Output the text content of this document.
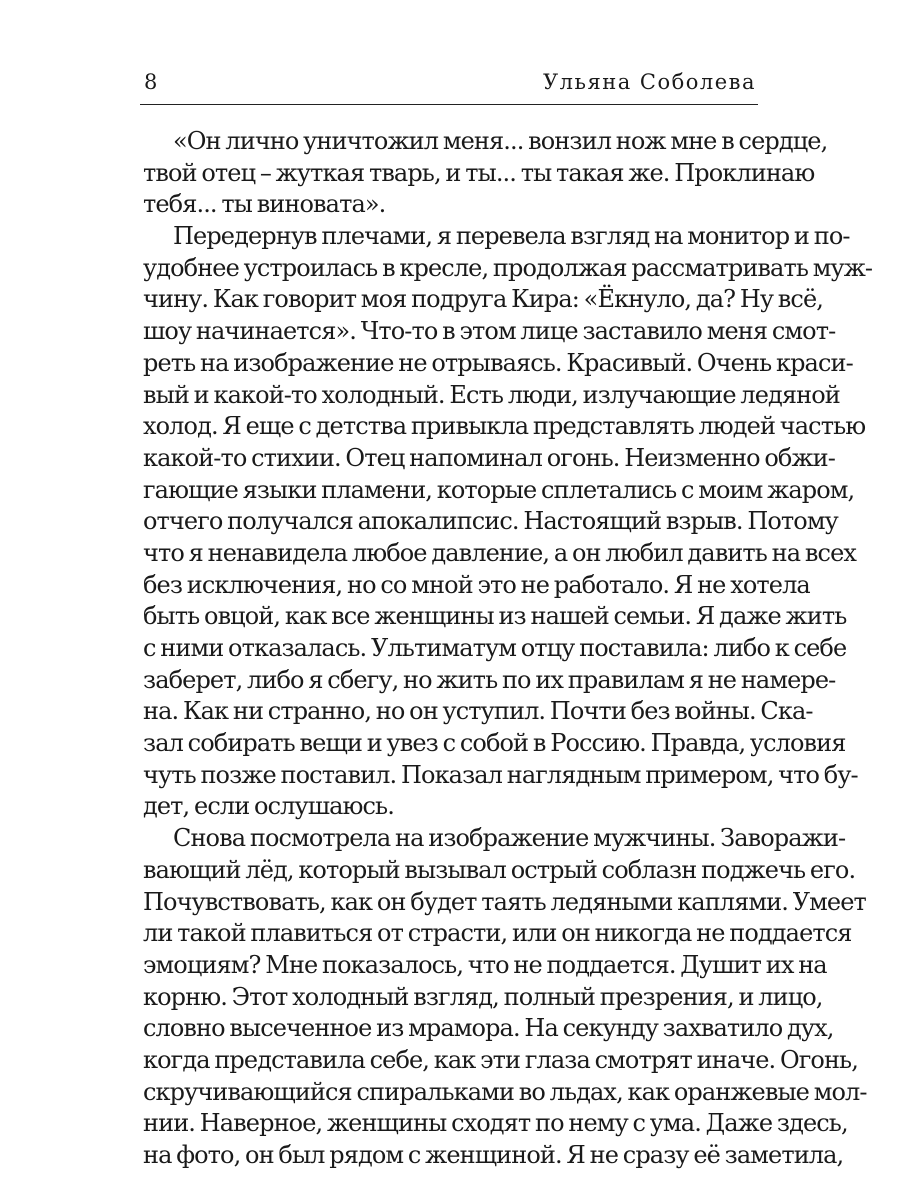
8	Ульяна Соболева
«Он лично уничтожил меня... вонзил нож мне в сердце,
твой отец – жуткая тварь, и ты... ты такая же. Проклинаю
тебя... ты виновата».
Передернув плечами, я перевела взгляд на монитор и по-
удобнее устроилась в кресле, продолжая рассматривать муж-
чину. Как говорит моя подруга Кира: «Ёкнуло, да? Ну всё,
шоу начинается». Что-то в этом лице заставило меня смот-
реть на изображение не отрываясь. Красивый. Очень краси-
вый и какой-то холодный. Есть люди, излучающие ледяной
холод. Я еще с детства привыкла представлять людей частью
какой-то стихии. Отец напоминал огонь. Неизменно обжи-
гающие языки пламени, которые сплетались с моим жаром,
отчего получался апокалипсис. Настоящий взрыв. Потому
что я ненавидела любое давление, а он любил давить на всех
без исключения, но со мной это не работало. Я не хотела
быть овцой, как все женщины из нашей семьи. Я даже жить
с ними отказалась. Ультиматум отцу поставила: либо к себе
заберет, либо я сбегу, но жить по их правилам я не намере-
на. Как ни странно, но он уступил. Почти без войны. Ска-
зал собирать вещи и увез с собой в Россию. Правда, условия
чуть позже поставил. Показал наглядным примером, что бу-
дет, если ослушаюсь.
Снова посмотрела на изображение мужчины. Заворажи-
вающий лёд, который вызывал острый соблазн поджечь его.
Почувствовать, как он будет таять ледяными каплями. Умеет
ли такой плавиться от страсти, или он никогда не поддается
эмоциям? Мне показалось, что не поддается. Душит их на
корню. Этот холодный взгляд, полный презрения, и лицо,
словно высеченное из мрамора. На секунду захватило дух,
когда представила себе, как эти глаза смотрят иначе. Огонь,
скручивающийся спиральками во льдах, как оранжевые мол-
нии. Наверное, женщины сходят по нему с ума. Даже здесь,
на фото, он был рядом с женщиной. Я не сразу её заметила,
